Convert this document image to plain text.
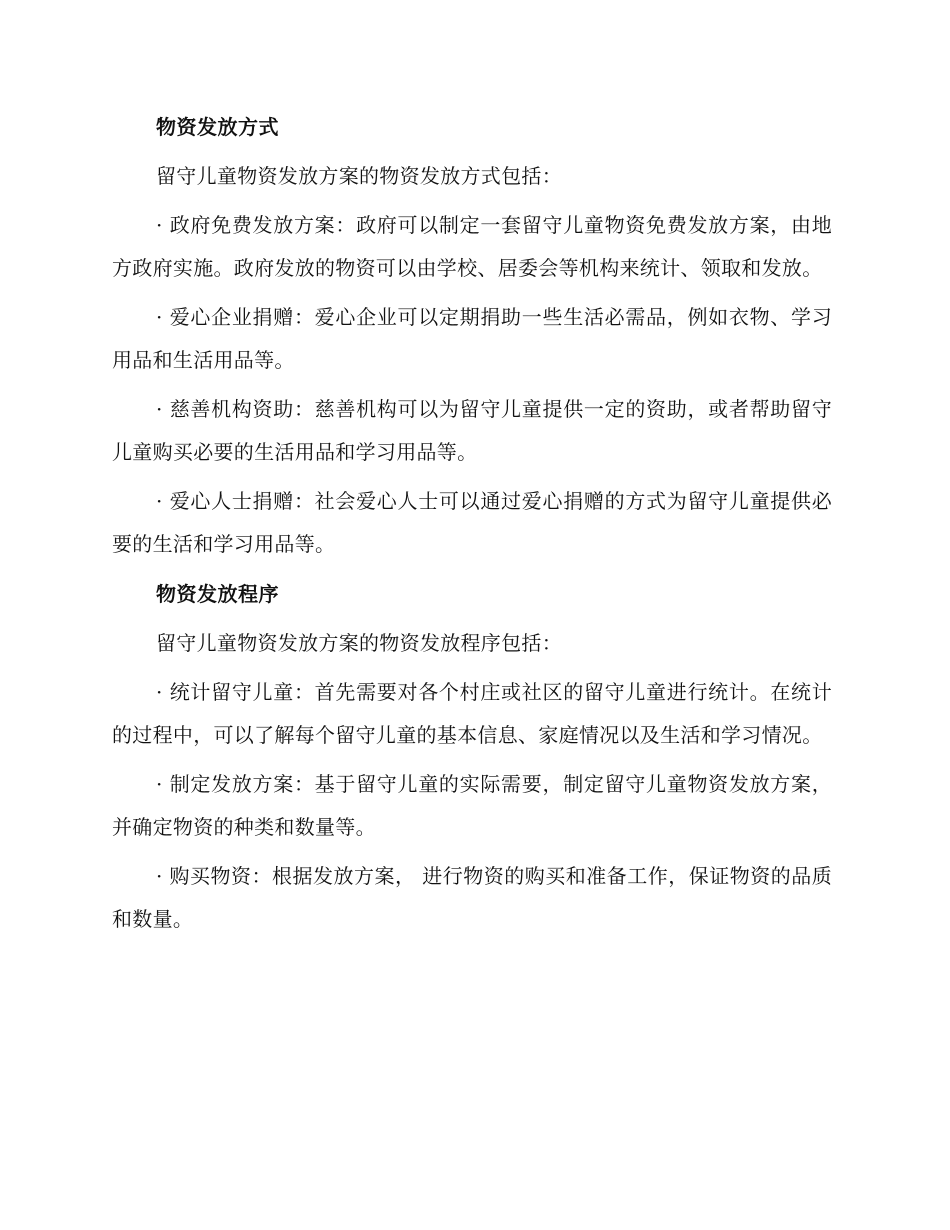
物资发放方式
留守儿童物资发放方案的物资发放方式包括：
· 政府免费发放方案：政府可以制定一套留守儿童物资免费发放方案，由地方政府实施。政府发放的物资可以由学校、居委会等机构来统计、领取和发放。
· 爱心企业捐赠：爱心企业可以定期捐助一些生活必需品，例如衣物、学习用品和生活用品等。
· 慈善机构资助：慈善机构可以为留守儿童提供一定的资助，或者帮助留守儿童购买必要的生活用品和学习用品等。
· 爱心人士捐赠：社会爱心人士可以通过爱心捐赠的方式为留守儿童提供必要的生活和学习用品等。
物资发放程序
留守儿童物资发放方案的物资发放程序包括：
· 统计留守儿童：首先需要对各个村庄或社区的留守儿童进行统计。在统计的过程中，可以了解每个留守儿童的基本信息、家庭情况以及生活和学习情况。
· 制定发放方案：基于留守儿童的实际需要，制定留守儿童物资发放方案，并确定物资的种类和数量等。
· 购买物资：根据发放方案， 进行物资的购买和准备工作，保证物资的品质和数量。
